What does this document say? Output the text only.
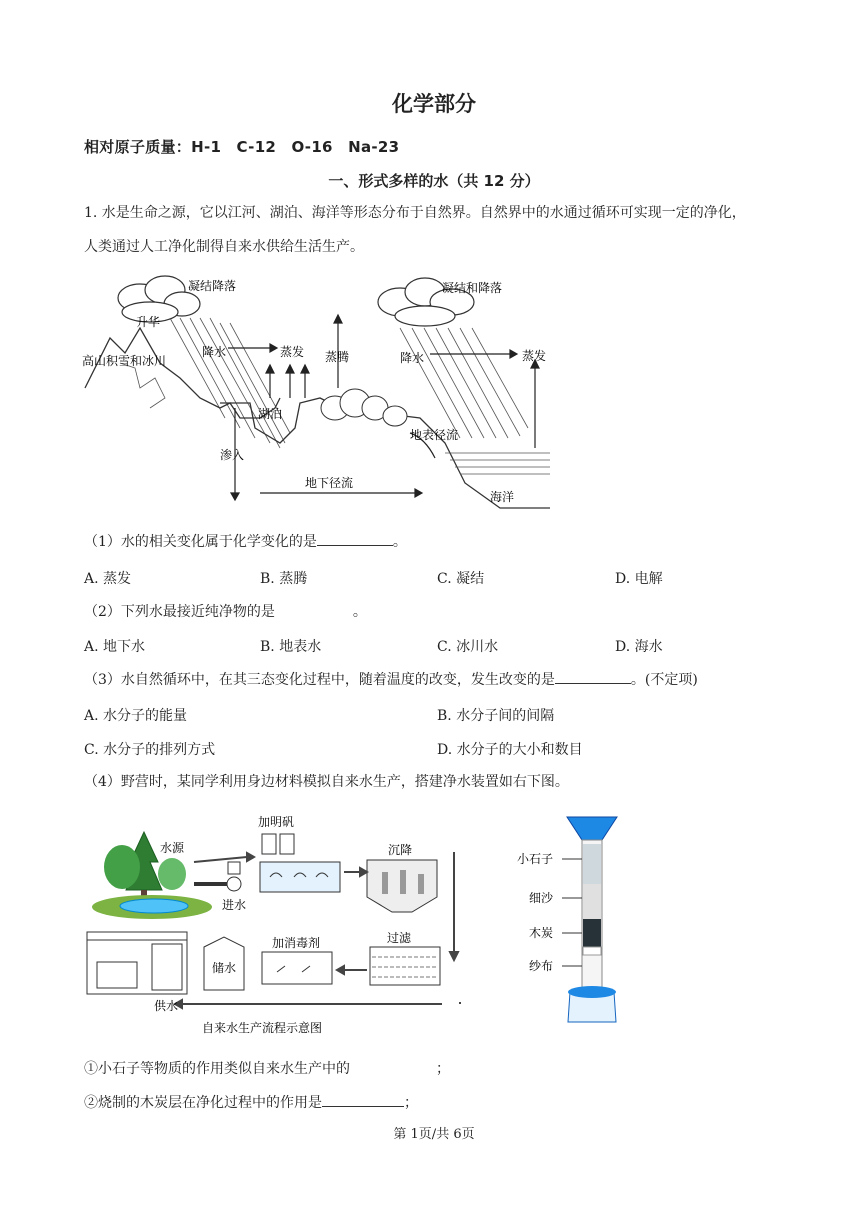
化学部分
相对原子质量：H-1　C-12　O-16　Na-23
一、形式多样的水（共 12 分）
1. 水是生命之源，它以江河、湖泊、海洋等形态分布于自然界。自然界中的水通过循环可实现一定的净化，
人类通过人工净化制得自来水供给生活生产。
凝结降落
升华
高山积雪和冰川
降水	蒸发 蒸腾
湖泊
渗入
地下径流
凝结和降落
降水	蒸发
地表径流
海洋
（1）水的相关变化属于化学变化的是	。
A. 蒸发	B. 蒸腾	C. 凝结	D. 电解
（2）下列水最接近纯净物的是	。
A. 地下水	B. 地表水	C. 冰川水	D. 海水
（3）水自然循环中，在其三态变化过程中，随着温度的改变，发生改变的是	。(不定项)
A. 水分子的能量	B. 水分子间的间隔
C. 水分子的排列方式	D. 水分子的大小和数目
（4）野营时，某同学利用身边材料模拟自来水生产，搭建净水装置如右下图。
水源
加明矾
沉降
进水
过滤
加消毒剂
储水
供水
自来水生产流程示意图
小石子
细沙
木炭
纱布
①小石子等物质的作用类似自来水生产中的	；
②烧制的木炭层在净化过程中的作用是	；
第 1页/共 6页
